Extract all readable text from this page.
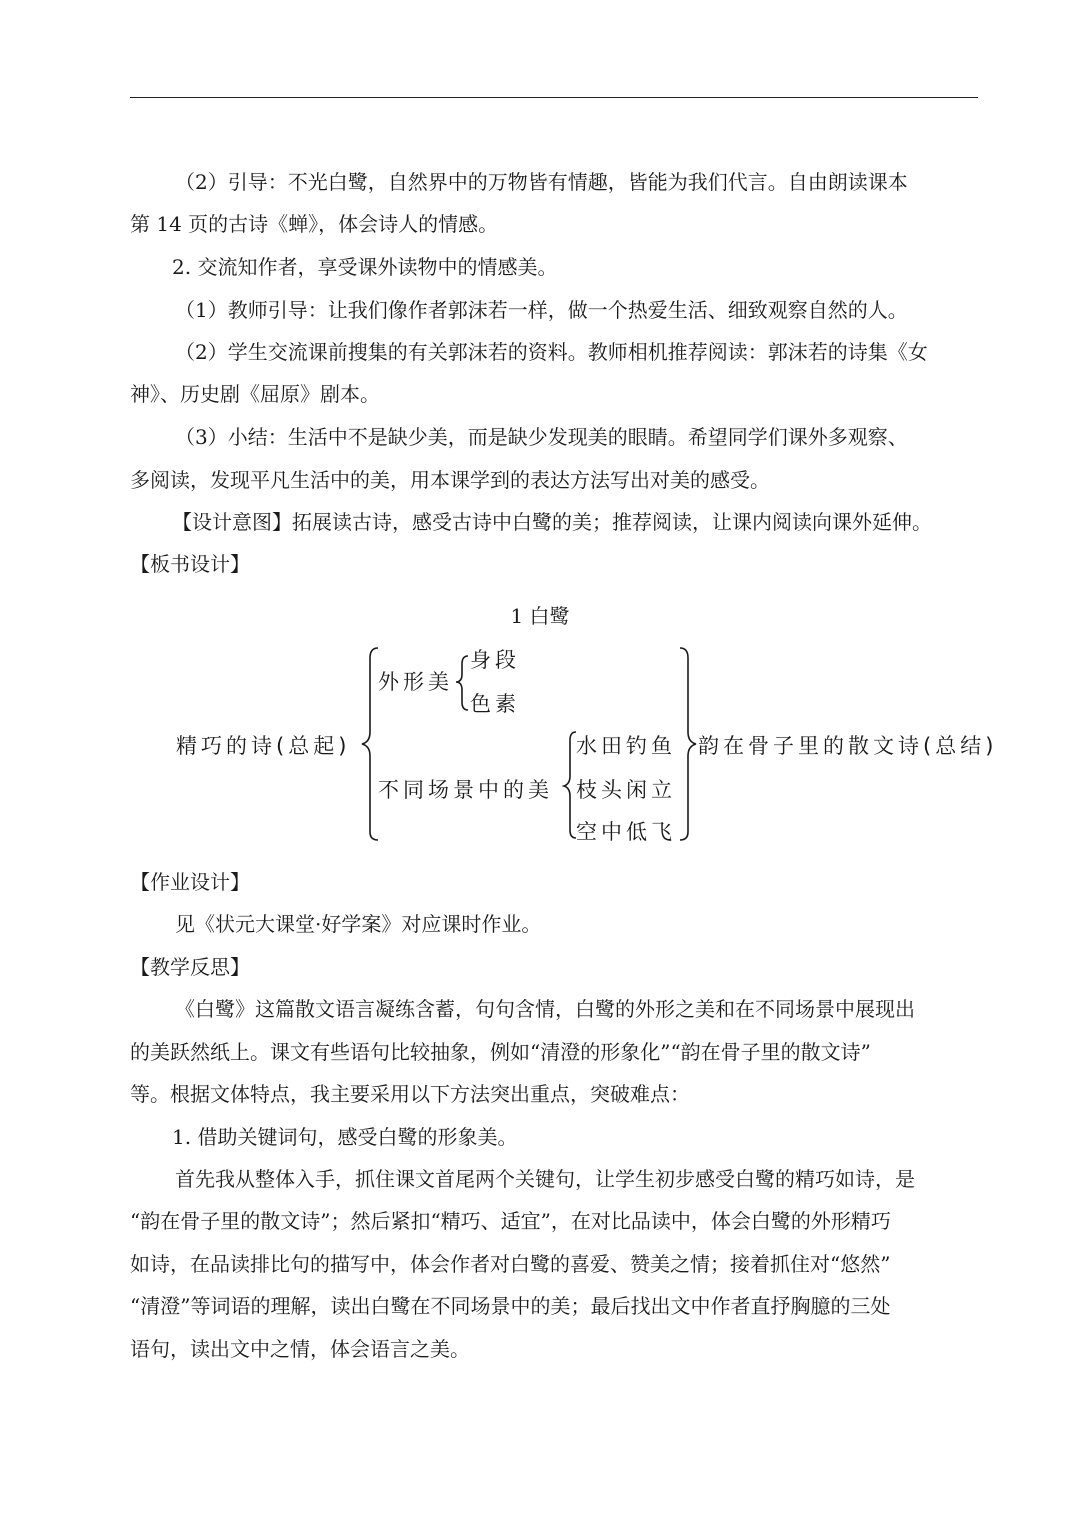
（2）引导：不光白鹭，自然界中的万物皆有情趣，皆能为我们代言。自由朗读课本
第 14 页的古诗《蝉》，体会诗人的情感。
2. 交流知作者，享受课外读物中的情感美。
（1）教师引导：让我们像作者郭沫若一样，做一个热爱生活、细致观察自然的人。
（2）学生交流课前搜集的有关郭沫若的资料。教师相机推荐阅读：郭沫若的诗集《女
神》、历史剧《屈原》剧本。
（3）小结：生活中不是缺少美，而是缺少发现美的眼睛。希望同学们课外多观察、
多阅读，发现平凡生活中的美，用本课学到的表达方法写出对美的感受。
【设计意图】拓展读古诗，感受古诗中白鹭的美；推荐阅读，让课内阅读向课外延伸。
【板书设计】
1 白鹭
精巧的诗(总起)
外形美
身段
色素
不同场景中的美
水田钓鱼
枝头闲立
空中低飞
韵在骨子里的散文诗(总结)
【作业设计】
见《状元大课堂·好学案》对应课时作业。
【教学反思】
《白鹭》这篇散文语言凝练含蓄，句句含情，白鹭的外形之美和在不同场景中展现出
的美跃然纸上。课文有些语句比较抽象，例如“清澄的形象化”“韵在骨子里的散文诗”
等。根据文体特点，我主要采用以下方法突出重点，突破难点：
1. 借助关键词句，感受白鹭的形象美。
首先我从整体入手，抓住课文首尾两个关键句，让学生初步感受白鹭的精巧如诗，是
“韵在骨子里的散文诗”；然后紧扣“精巧、适宜”，在对比品读中，体会白鹭的外形精巧
如诗，在品读排比句的描写中，体会作者对白鹭的喜爱、赞美之情；接着抓住对“悠然”
“清澄”等词语的理解，读出白鹭在不同场景中的美；最后找出文中作者直抒胸臆的三处
语句，读出文中之情，体会语言之美。
